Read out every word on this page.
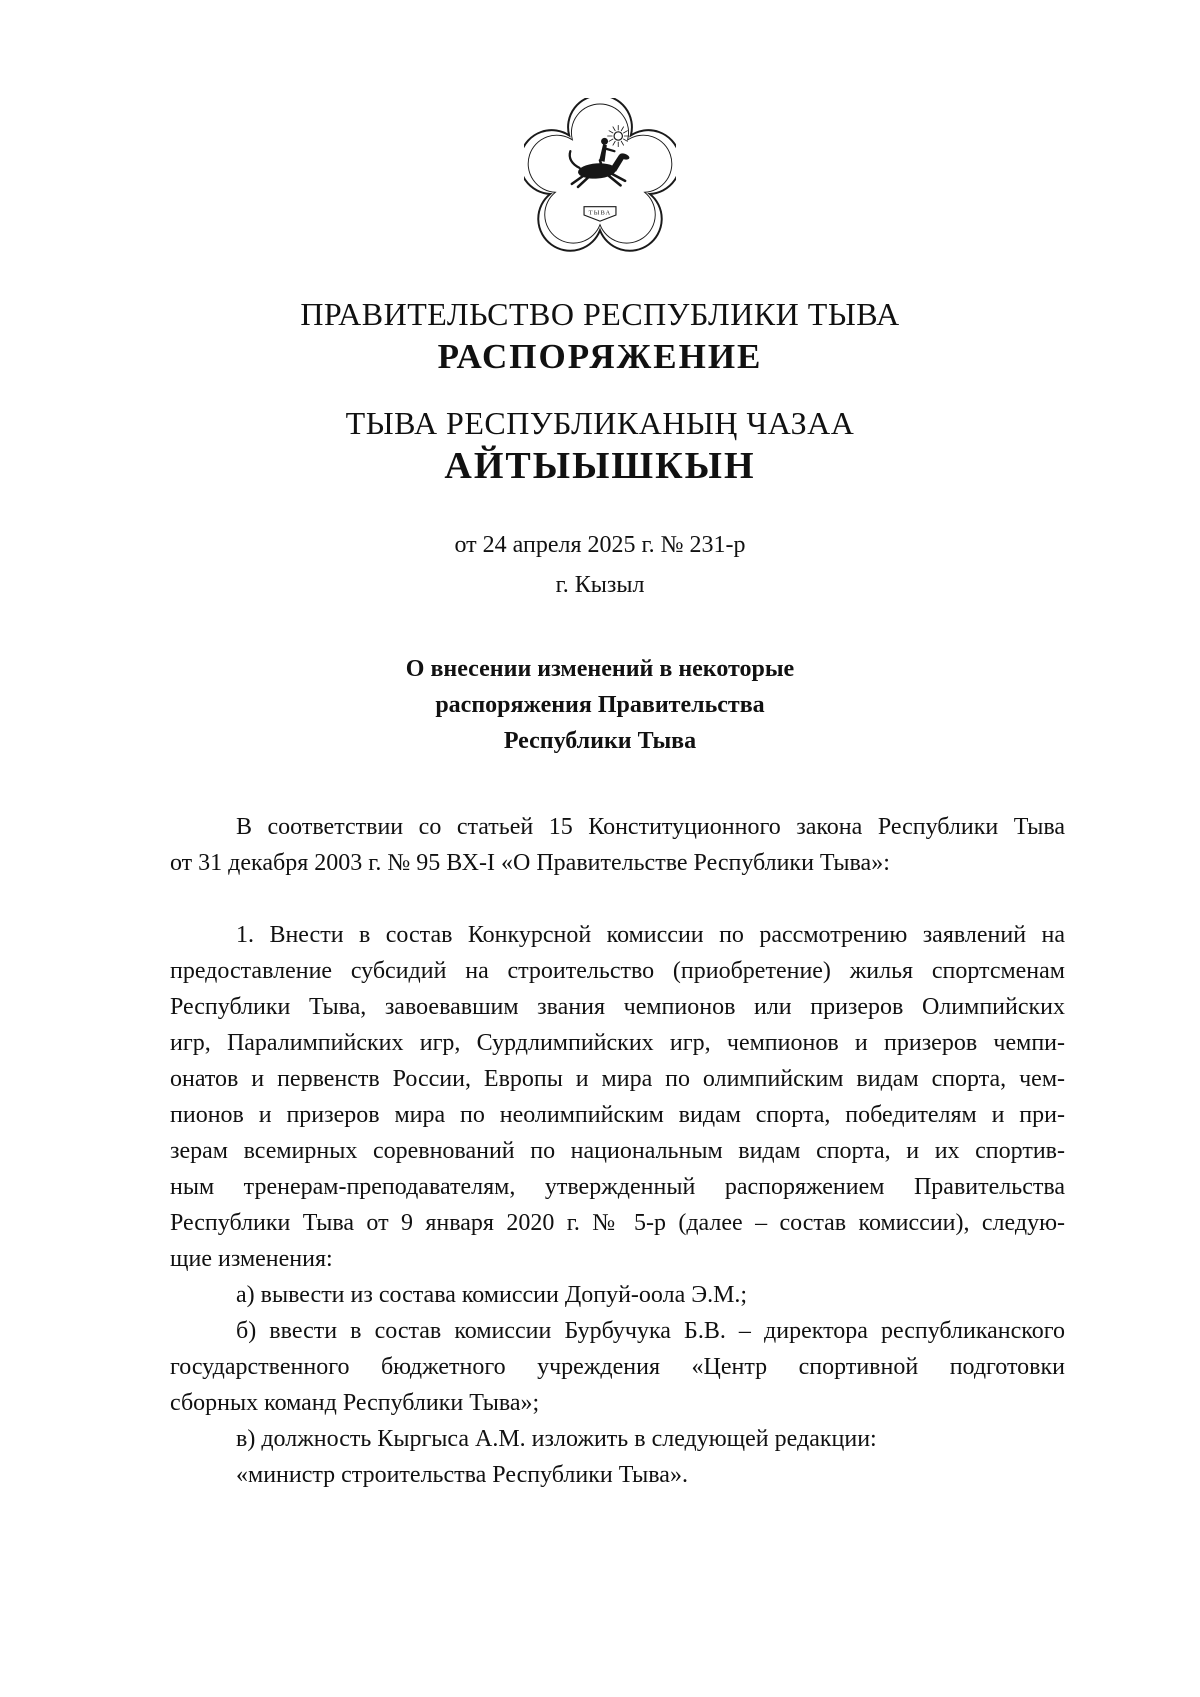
ТЫВА
ПРАВИТЕЛЬСТВО РЕСПУБЛИКИ ТЫВА
РАСПОРЯЖЕНИЕ
ТЫВА РЕСПУБЛИКАНЫҢ ЧАЗАА
АЙТЫЫШКЫН
от 24 апреля 2025 г. № 231-р
г. Кызыл
О внесении изменений в некоторые
распоряжения Правительства
Республики Тыва
В соответствии со статьей 15 Конституционного закона Республики Тыва
от 31 декабря 2003 г. № 95 ВХ-I «О Правительстве Республики Тыва»:
1. Внести в состав Конкурсной комиссии по рассмотрению заявлений на
предоставление субсидий на строительство (приобретение) жилья спортсменам
Республики Тыва, завоевавшим звания чемпионов или призеров Олимпийских
игр, Паралимпийских игр, Сурдлимпийских игр, чемпионов и призеров чемпи-
онатов и первенств России, Европы и мира по олимпийским видам спорта, чем-
пионов и призеров мира по неолимпийским видам спорта, победителям и при-
зерам всемирных соревнований по национальным видам спорта, и их спортив-
ным тренерам-преподавателям, утвержденный распоряжением Правительства
Республики Тыва от 9 января 2020 г. № 5-р (далее – состав комиссии), следую-
щие изменения:
а) вывести из состава комиссии Допуй-оола Э.М.;
б) ввести в состав комиссии Бурбучука Б.В. – директора республиканского
государственного бюджетного учреждения «Центр спортивной подготовки
сборных команд Республики Тыва»;
в) должность Кыргыса А.М. изложить в следующей редакции:
«министр строительства Республики Тыва».
